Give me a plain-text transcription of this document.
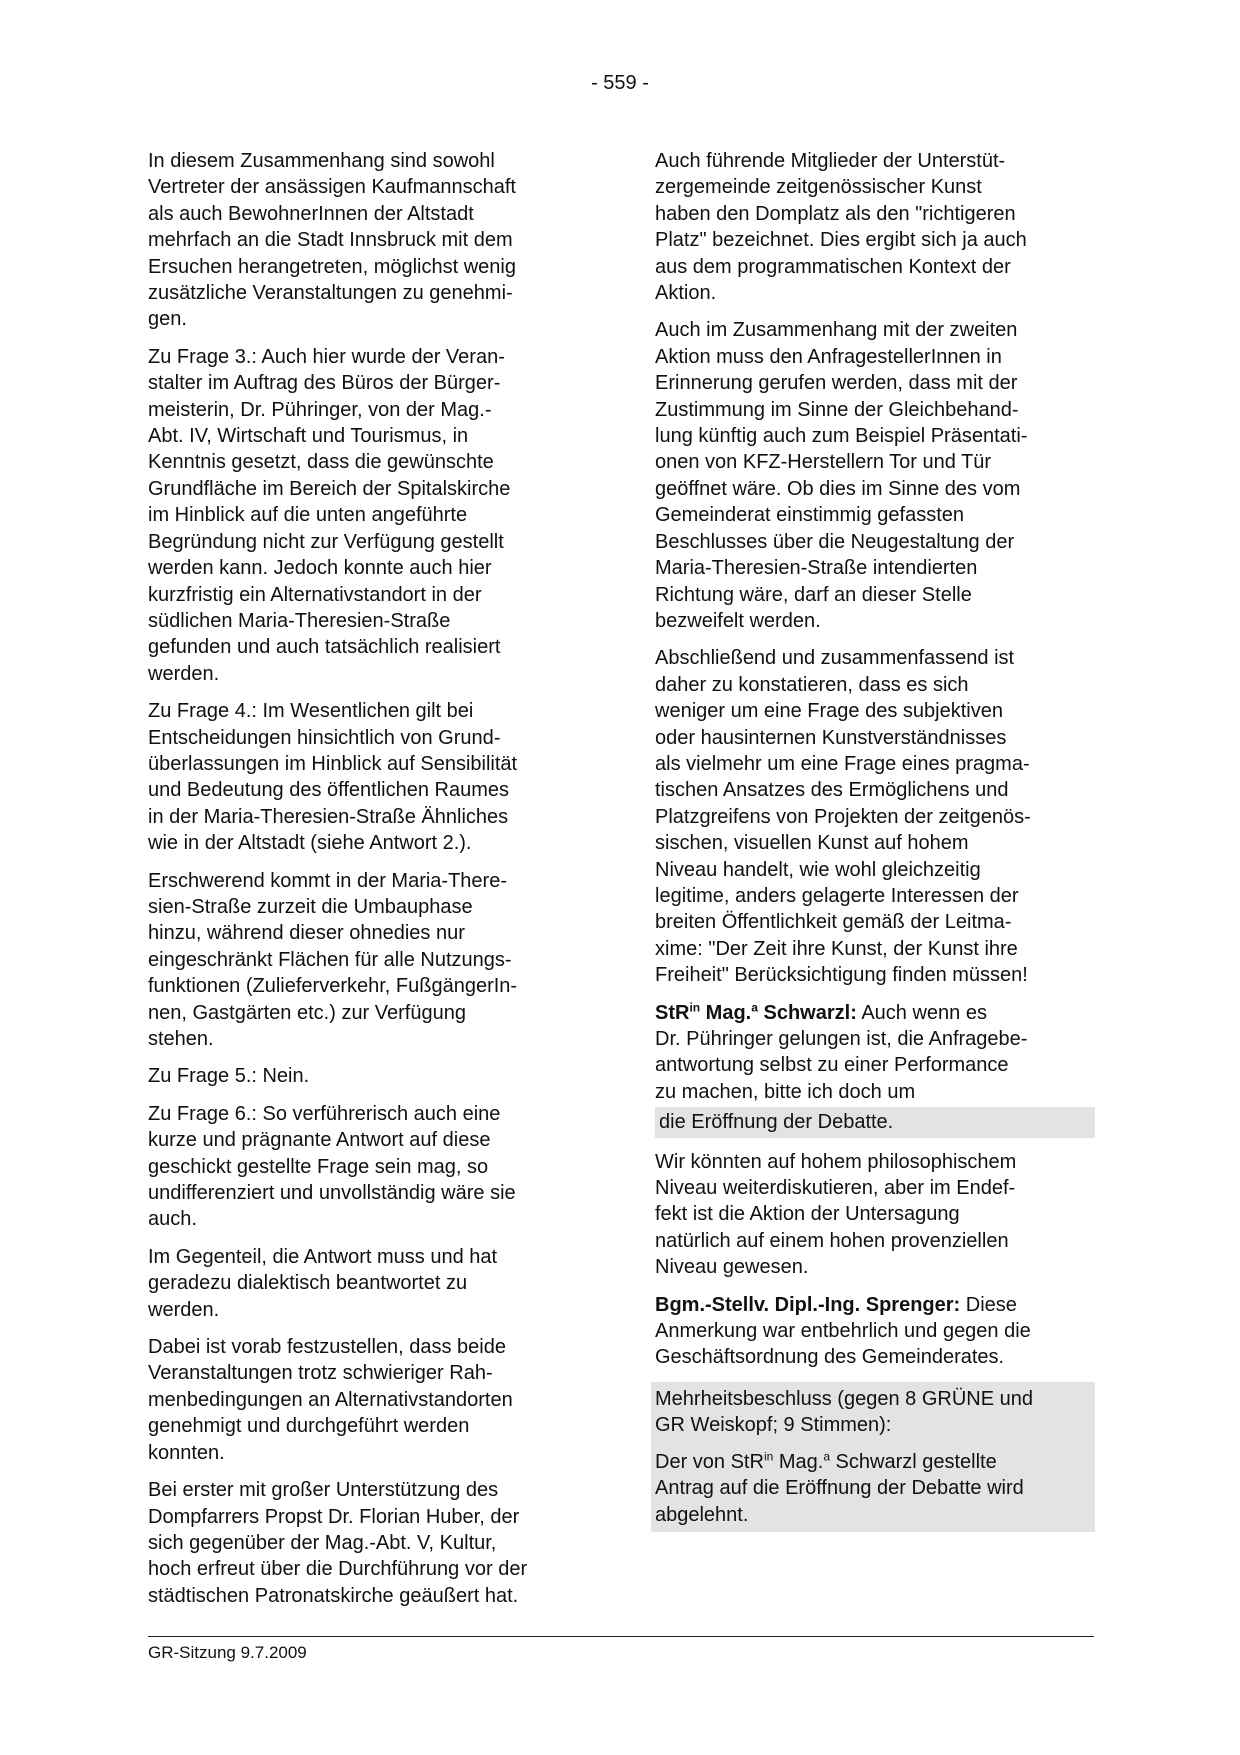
- 559 -

In diesem Zusammenhang sind sowohl
Vertreter der ansässigen Kaufmannschaft
als auch BewohnerInnen der Altstadt
mehrfach an die Stadt Innsbruck mit dem
Ersuchen herangetreten, möglichst wenig
zusätzliche Veranstaltungen zu genehmi-
gen.

Zu Frage 3.: Auch hier wurde der Veran-
stalter im Auftrag des Büros der Bürger-
meisterin, Dr. Pühringer, von der Mag.-
Abt. IV, Wirtschaft und Tourismus, in
Kenntnis gesetzt, dass die gewünschte
Grundfläche im Bereich der Spitalskirche
im Hinblick auf die unten angeführte
Begründung nicht zur Verfügung gestellt
werden kann. Jedoch konnte auch hier
kurzfristig ein Alternativstandort in der
südlichen Maria-Theresien-Straße
gefunden und auch tatsächlich realisiert
werden.

Zu Frage 4.: Im Wesentlichen gilt bei
Entscheidungen hinsichtlich von Grund-
überlassungen im Hinblick auf Sensibilität
und Bedeutung des öffentlichen Raumes
in der Maria-Theresien-Straße Ähnliches
wie in der Altstadt (siehe Antwort 2.).

Erschwerend kommt in der Maria-There-
sien-Straße zurzeit die Umbauphase
hinzu, während dieser ohnedies nur
eingeschränkt Flächen für alle Nutzungs-
funktionen (Zulieferverkehr, FußgängerIn-
nen, Gastgärten etc.) zur Verfügung
stehen.

Zu Frage 5.: Nein.

Zu Frage 6.: So verführerisch auch eine
kurze und prägnante Antwort auf diese
geschickt gestellte Frage sein mag, so
undifferenziert und unvollständig wäre sie
auch.

Im Gegenteil, die Antwort muss und hat
geradezu dialektisch beantwortet zu
werden.

Dabei ist vorab festzustellen, dass beide
Veranstaltungen trotz schwieriger Rah-
menbedingungen an Alternativstandorten
genehmigt und durchgeführt werden
konnten.

Bei erster mit großer Unterstützung des
Dompfarrers Propst Dr. Florian Huber, der
sich gegenüber der Mag.-Abt. V, Kultur,
hoch erfreut über die Durchführung vor der
städtischen Patronatskirche geäußert hat.

Auch führende Mitglieder der Unterstüt-
zergemeinde zeitgenössischer Kunst
haben den Domplatz als den "richtigeren
Platz" bezeichnet. Dies ergibt sich ja auch
aus dem programmatischen Kontext der
Aktion.

Auch im Zusammenhang mit der zweiten
Aktion muss den AnfragestellerInnen in
Erinnerung gerufen werden, dass mit der
Zustimmung im Sinne der Gleichbehand-
lung künftig auch zum Beispiel Präsentati-
onen von KFZ-Herstellern Tor und Tür
geöffnet wäre. Ob dies im Sinne des vom
Gemeinderat einstimmig gefassten
Beschlusses über die Neugestaltung der
Maria-Theresien-Straße intendierten
Richtung wäre, darf an dieser Stelle
bezweifelt werden.

Abschließend und zusammenfassend ist
daher zu konstatieren, dass es sich
weniger um eine Frage des subjektiven
oder hausinternen Kunstverständnisses
als vielmehr um eine Frage eines pragma-
tischen Ansatzes des Ermöglichens und
Platzgreifens von Projekten der zeitgenös-
sischen, visuellen Kunst auf hohem
Niveau handelt, wie wohl gleichzeitig
legitime, anders gelagerte Interessen der
breiten Öffentlichkeit gemäß der Leitma-
xime: "Der Zeit ihre Kunst, der Kunst ihre
Freiheit" Berücksichtigung finden müssen!

StR$^{in}$ Mag.$^a$ Schwarzl: Auch wenn es
Dr. Pühringer gelungen ist, die Anfragebe-
antwortung selbst zu einer Performance
zu machen, bitte ich doch um

die Eröffnung der Debatte.

Wir könnten auf hohem philosophischem
Niveau weiterdiskutieren, aber im Endef-
fekt ist die Aktion der Untersagung
natürlich auf einem hohen provenziellen
Niveau gewesen.

Bgm.-Stellv. Dipl.-Ing. Sprenger: Diese
Anmerkung war entbehrlich und gegen die
Geschäftsordnung des Gemeinderates.

Mehrheitsbeschluss (gegen 8 GRÜNE und
GR Weiskopf; 9 Stimmen):

Der von StR$^{in}$ Mag.$^a$ Schwarzl gestellte
Antrag auf die Eröffnung der Debatte wird
abgelehnt.

GR-Sitzung 9.7.2009
